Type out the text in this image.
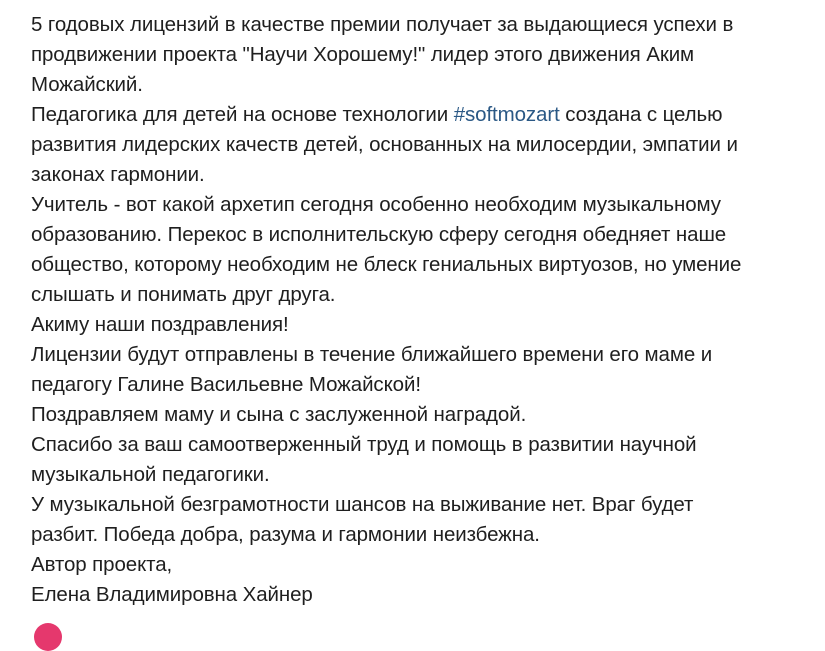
5 годовых лицензий в качестве премии получает за выдающиеся успехи в
продвижении проекта "Научи Хорошему!" лидер этого движения Аким
Можайский.
Педагогика для детей на основе технологии #softmozart создана с целью
развития лидерских качеств детей, основанных на милосердии, эмпатии и
законах гармонии.
Учитель - вот какой архетип сегодня особенно необходим музыкальному
образованию. Перекос в исполнительскую сферу сегодня обедняет наше
общество, которому необходим не блеск гениальных виртуозов, но умение
слышать и понимать друг друга.
Акиму наши поздравления!
Лицензии будут отправлены в течение ближайшего времени его маме и
педагогу Галине Васильевне Можайской!
Поздравляем маму и сына с заслуженной наградой.
Спасибо за ваш самоотверженный труд и помощь в развитии научной
музыкальной педагогики.
У музыкальной безграмотности шансов на выживание нет. Враг будет
разбит. Победа добра, разума и гармонии неизбежна.
Автор проекта,
Елена Владимировна Хайнер
